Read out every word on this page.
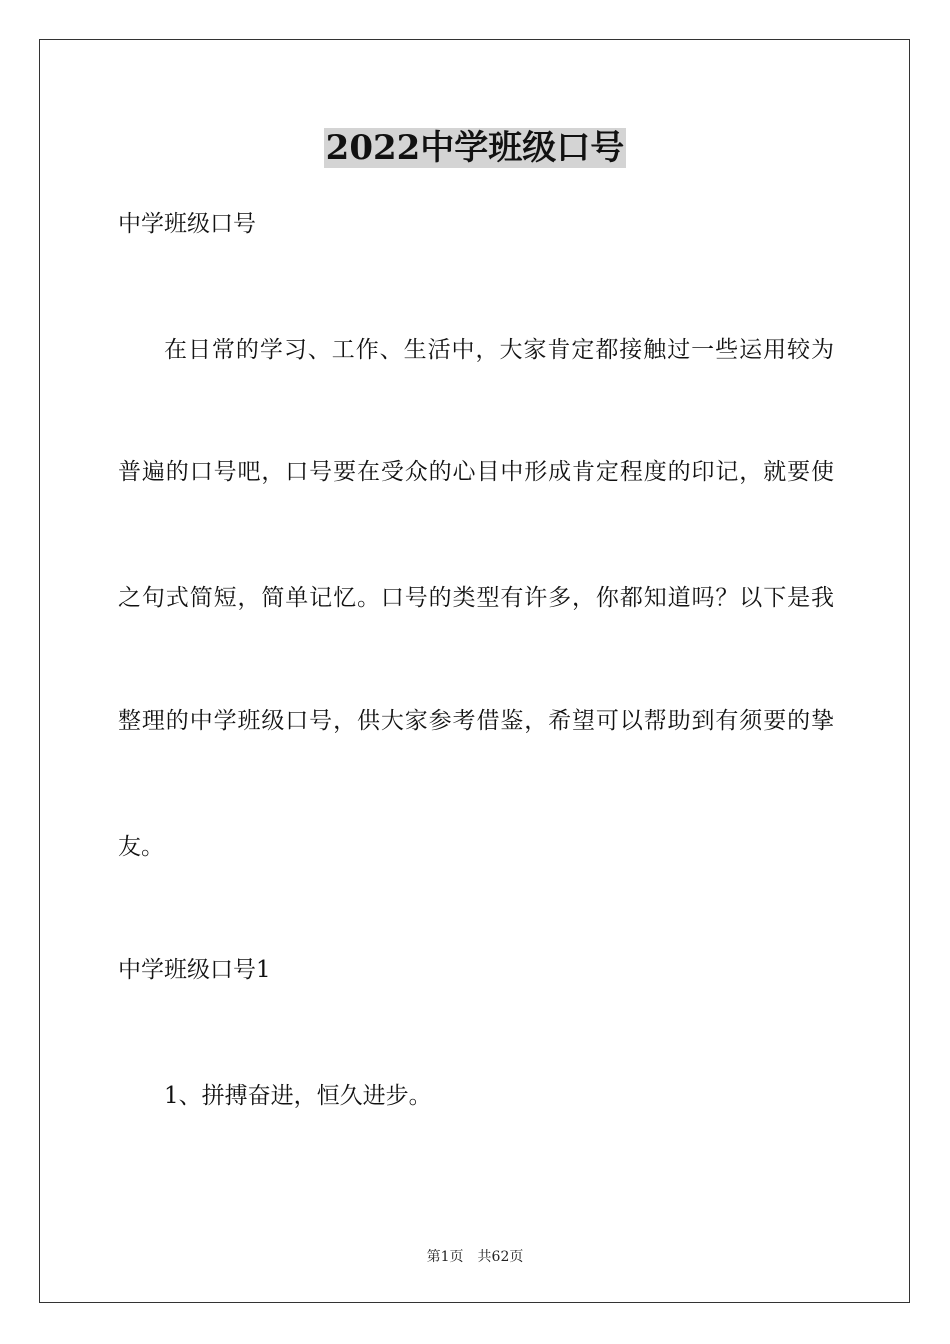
2022中学班级口号

中学班级口号

在日常的学习、工作、生活中，大家肯定都接触过一些运用较为

普遍的口号吧，口号要在受众的心目中形成肯定程度的印记，就要使

之句式简短，简单记忆。口号的类型有许多，你都知道吗？以下是我

整理的中学班级口号，供大家参考借鉴，希望可以帮助到有须要的挚

友。

中学班级口号1

1、拼搏奋进，恒久进步。

第1页 共62页
